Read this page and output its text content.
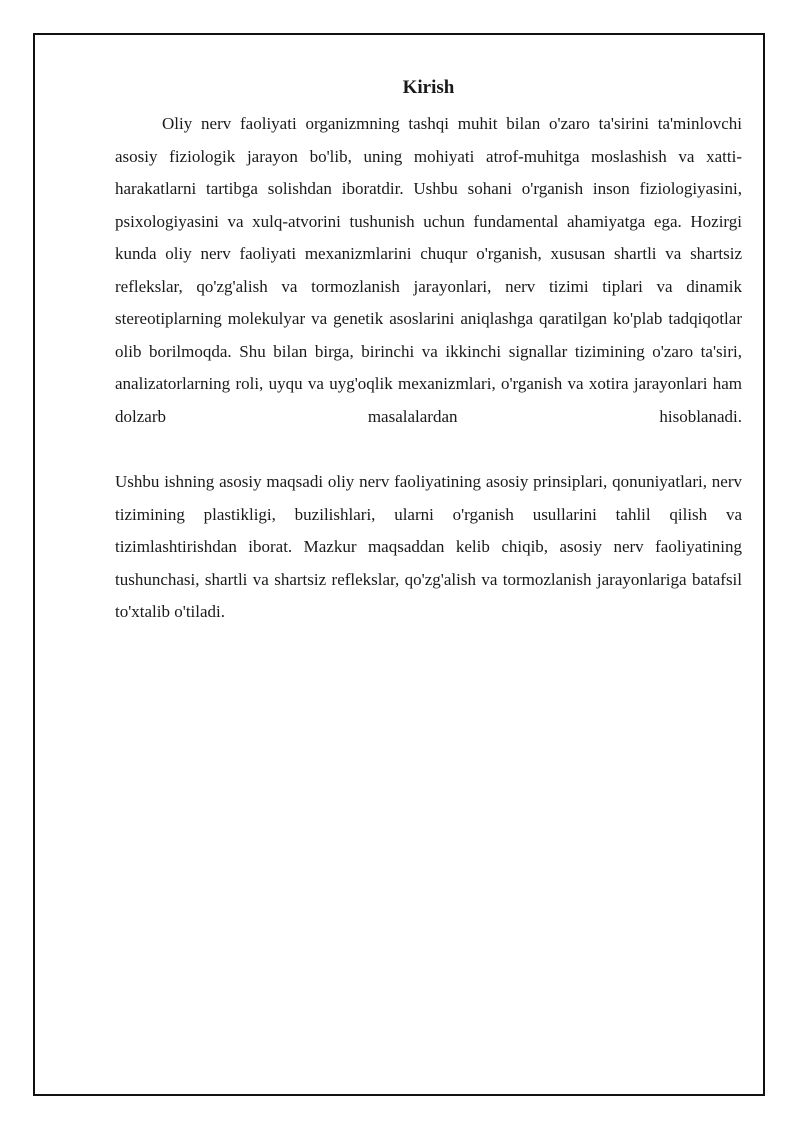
Kirish

Oliy nerv faoliyati organizmning tashqi muhit bilan o'zaro ta'sirini ta'minlovchi asosiy fiziologik jarayon bo'lib, uning mohiyati atrof-muhitga moslashish va xatti-harakatlarni tartibga solishdan iboratdir. Ushbu sohani o'rganish inson fiziologiyasini, psixologiyasini va xulq-atvorini tushunish uchun fundamental ahamiyatga ega. Hozirgi kunda oliy nerv faoliyati mexanizmlarini chuqur o'rganish, xususan shartli va shartsiz reflekslar, qo'zg'alish va tormozlanish jarayonlari, nerv tizimi tiplari va dinamik stereotiplarning molekulyar va genetik asoslarini aniqlashga qaratilgan ko'plab tadqiqotlar olib borilmoqda. Shu bilan birga, birinchi va ikkinchi signallar tizimining o'zaro ta'siri, analizatorlarning roli, uyqu va uyg'oqlik mexanizmlari, o'rganish va xotira jarayonlari ham dolzarb masalalardan hisoblanadi.

Ushbu ishning asosiy maqsadi oliy nerv faoliyatining asosiy prinsiplari, qonuniyatlari, nerv tizimining plastikligi, buzilishlari, ularni o'rganish usullarini tahlil qilish va tizimlashtirishdan iborat. Mazkur maqsaddan kelib chiqib, asosiy nerv faoliyatining tushunchasi, shartli va shartsiz reflekslar, qo'zg'alish va tormozlanish jarayonlariga batafsil to'xtalib o'tiladi.
